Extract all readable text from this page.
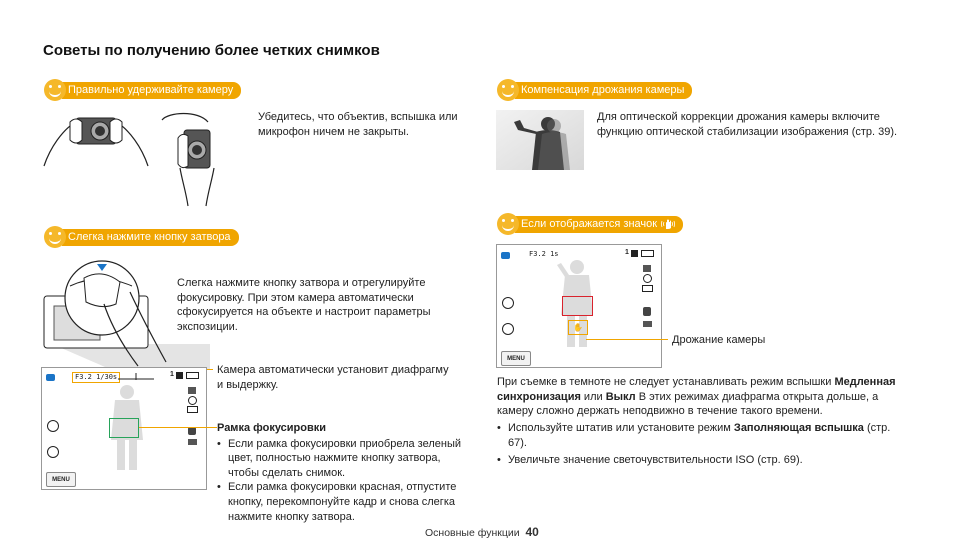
Советы по получению более четких снимков
Правильно удерживайте камеру
Убедитесь, что объектив, вспышка или микрофон ничем не закрыты.
Компенсация дрожания камеры
Для оптической коррекции дрожания камеры включите функцию оптической стабилизации изображения (стр. 39).
Слегка нажмите кнопку затвора
Слегка нажмите кнопку затвора и отрегулируйте фокусировку. При этом камера автоматически сфокусируется на объекте и настроит параметры экспозиции.
F3.2 1/30s	1
MENU
Камера автоматически установит диафрагму и выдержку.
Рамка фокусировки
• Если рамка фокусировки приобрела зеленый цвет, полностью нажмите кнопку затвора, чтобы сделать снимок.
• Если рамка фокусировки красная, отпустите кнопку, перекомпонуйте кадр и снова слегка нажмите кнопку затвора.
Если отображается значок
F3.2 1s	1
✋
MENU
Дрожание камеры
При съемке в темноте не следует устанавливать режим вспышки Медленная синхронизация или Выкл В этих режимах диафрагма открыта дольше, а камеру сложно держать неподвижно в течение такого времени.
• Используйте штатив или установите режим Заполняющая вспышка (стр. 67).
• Увеличьте значение светочувствительности ISO (стр. 69).
Основные функции 40
